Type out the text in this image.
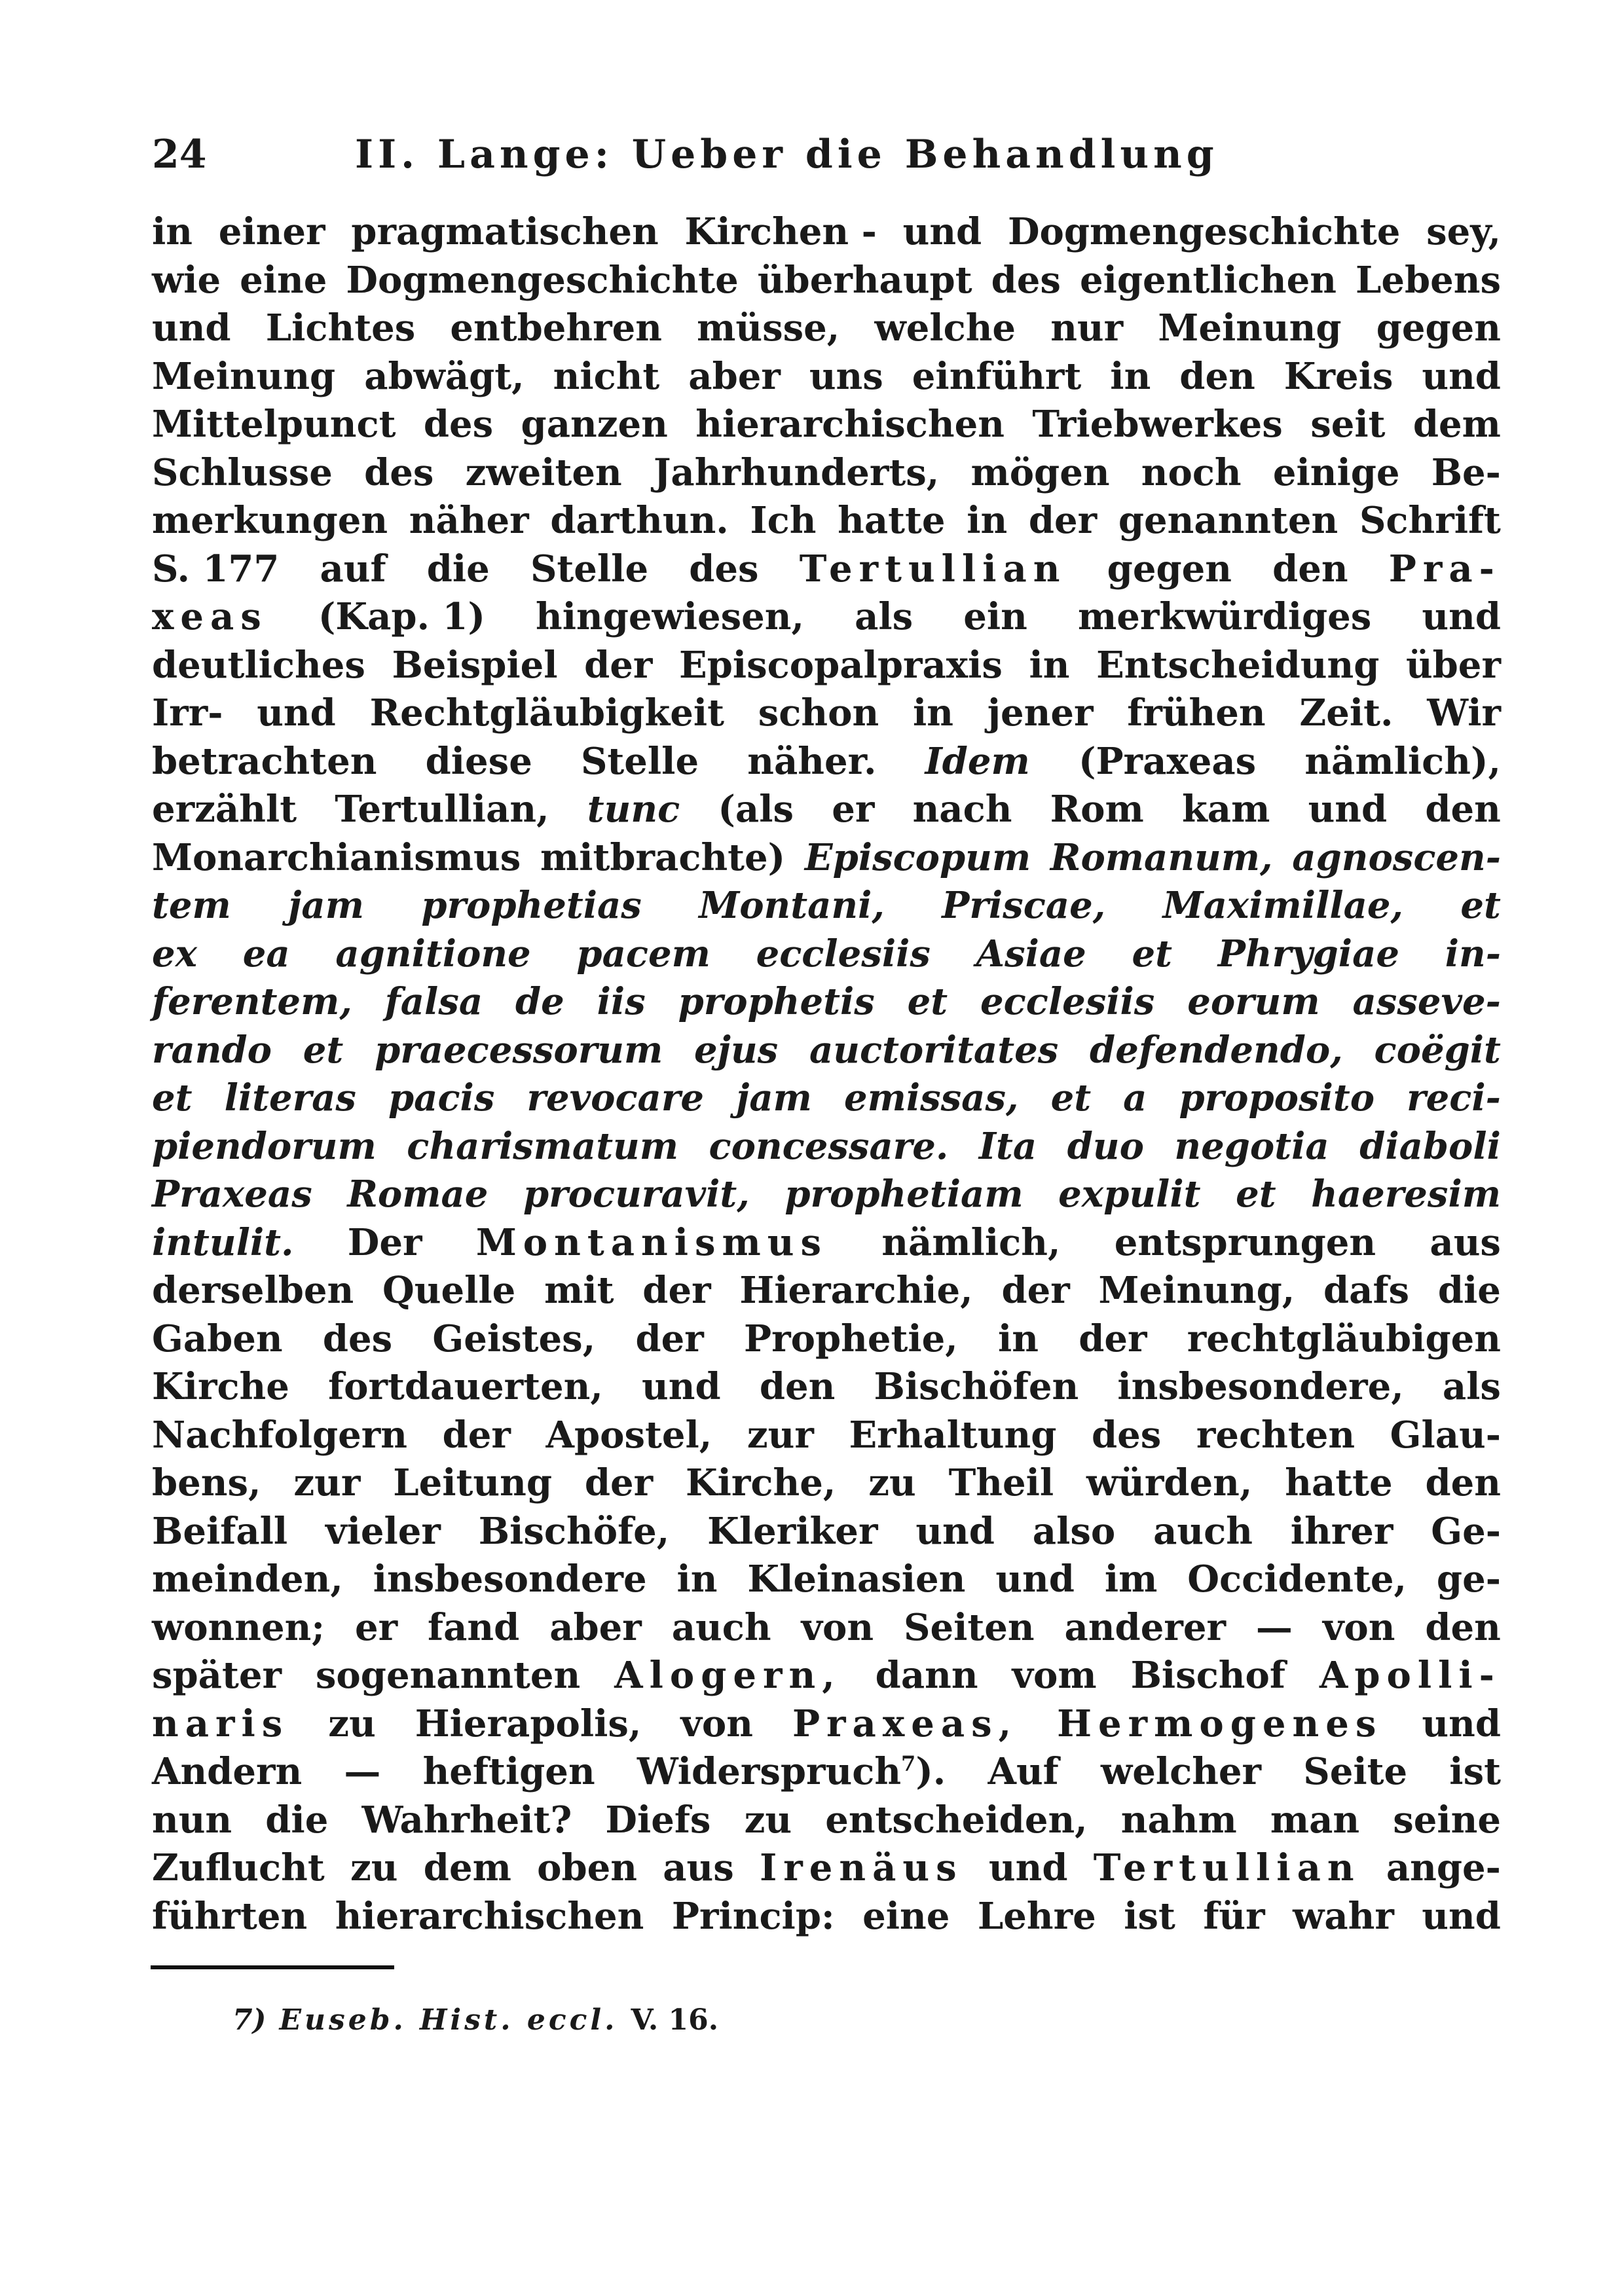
24	II. Lange: Ueber die Behandlung
in einer pragmatischen Kirchen - und Dogmengeschichte sey,
wie eine Dogmengeschichte überhaupt des eigentlichen Lebens
und Lichtes entbehren müsse, welche nur Meinung gegen
Meinung abwägt, nicht aber uns einführt in den Kreis und
Mittelpunct des ganzen hierarchischen Triebwerkes seit dem
Schlusse des zweiten Jahrhunderts, mögen noch einige Be-
merkungen näher darthun. Ich hatte in der genannten Schrift
S. 177 auf die Stelle des Tertullian gegen den Pra-
xeas (Kap. 1) hingewiesen, als ein merkwürdiges und
deutliches Beispiel der Episcopalpraxis in Entscheidung über
Irr- und Rechtgläubigkeit schon in jener frühen Zeit. Wir
betrachten diese Stelle näher. Idem (Praxeas nämlich),
erzählt Tertullian, tunc (als er nach Rom kam und den
Monarchianismus mitbrachte) Episcopum Romanum, agnoscen-
tem jam prophetias Montani, Priscae, Maximillae, et
ex ea agnitione pacem ecclesiis Asiae et Phrygiae in-
ferentem, falsa de iis prophetis et ecclesiis eorum asseve-
rando et praecessorum ejus auctoritates defendendo, coëgit
et literas pacis revocare jam emissas, et a proposito reci-
piendorum charismatum concessare. Ita duo negotia diaboli
Praxeas Romae procuravit, prophetiam expulit et haeresim
intulit. Der Montanismus nämlich, entsprungen aus
derselben Quelle mit der Hierarchie, der Meinung, dafs die
Gaben des Geistes, der Prophetie, in der rechtgläubigen
Kirche fortdauerten, und den Bischöfen insbesondere, als
Nachfolgern der Apostel, zur Erhaltung des rechten Glau-
bens, zur Leitung der Kirche, zu Theil würden, hatte den
Beifall vieler Bischöfe, Kleriker und also auch ihrer Ge-
meinden, insbesondere in Kleinasien und im Occidente, ge-
wonnen; er fand aber auch von Seiten anderer — von den
später sogenannten Alogern, dann vom Bischof Apolli-
naris zu Hierapolis, von Praxeas, Hermogenes und
Andern — heftigen Widerspruch7). Auf welcher Seite ist
nun die Wahrheit? Diefs zu entscheiden, nahm man seine
Zuflucht zu dem oben aus Irenäus und Tertullian ange-
führten hierarchischen Princip: eine Lehre ist für wahr und
7) Euseb. Hist. eccl. V. 16.
